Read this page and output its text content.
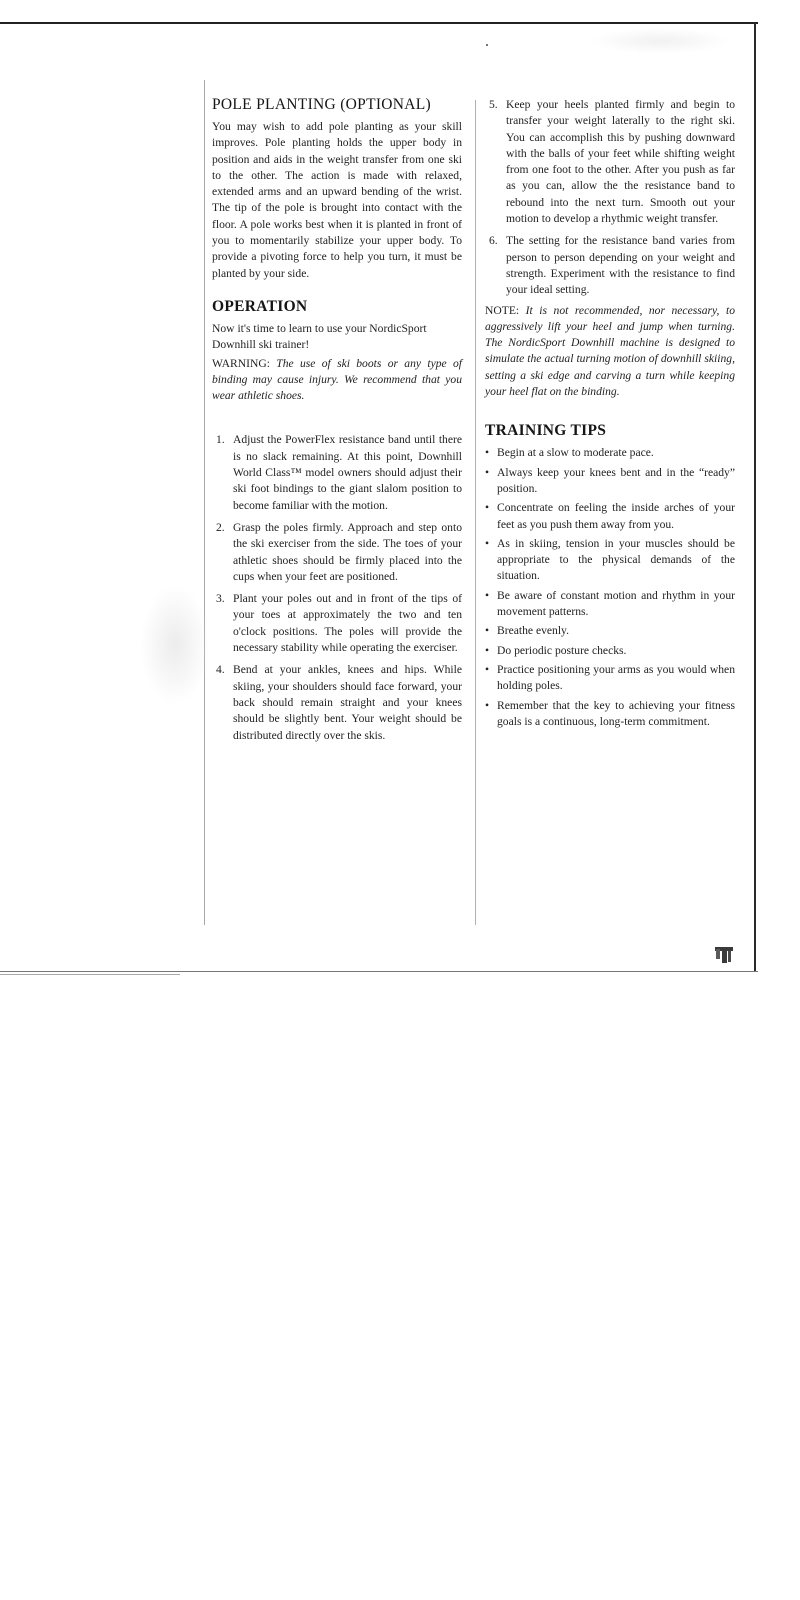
POLE PLANTING (OPTIONAL)

You may wish to add pole planting as your skill improves. Pole planting holds the upper body in position and aids in the weight transfer from one ski to the other. The action is made with relaxed, extended arms and an upward bending of the wrist. The tip of the pole is brought into contact with the floor. A pole works best when it is planted in front of you to momentarily stabilize your upper body. To provide a pivoting force to help you turn, it must be planted by your side.

OPERATION

Now it's time to learn to use your NordicSport Downhill ski trainer!

WARNING: The use of ski boots or any type of binding may cause injury. We recommend that you wear athletic shoes.

1. Adjust the PowerFlex resistance band until there is no slack remaining. At this point, Downhill World Class™ model owners should adjust their ski foot bindings to the giant slalom position to become familiar with the motion.
2. Grasp the poles firmly. Approach and step onto the ski exerciser from the side. The toes of your athletic shoes should be firmly placed into the cups when your feet are positioned.
3. Plant your poles out and in front of the tips of your toes at approximately the two and ten o'clock positions. The poles will provide the necessary stability while operating the exerciser.
4. Bend at your ankles, knees and hips. While skiing, your shoulders should face forward, your back should remain straight and your knees should be slightly bent. Your weight should be distributed directly over the skis.
5. Keep your heels planted firmly and begin to transfer your weight laterally to the right ski. You can accomplish this by pushing downward with the balls of your feet while shifting weight from one foot to the other. After you push as far as you can, allow the the resistance band to rebound into the next turn. Smooth out your motion to develop a rhythmic weight transfer.
6. The setting for the resistance band varies from person to person depending on your weight and strength. Experiment with the resistance to find your ideal setting.

NOTE: It is not recommended, nor necessary, to aggressively lift your heel and jump when turning. The NordicSport Downhill machine is designed to simulate the actual turning motion of downhill skiing, setting a ski edge and carving a turn while keeping your heel flat on the binding.

TRAINING TIPS
• Begin at a slow to moderate pace.
• Always keep your knees bent and in the “ready” position.
• Concentrate on feeling the inside arches of your feet as you push them away from you.
• As in skiing, tension in your muscles should be appropriate to the physical demands of the situation.
• Be aware of constant motion and rhythm in your movement patterns.
• Breathe evenly.
• Do periodic posture checks.
• Practice positioning your arms as you would when holding poles.
• Remember that the key to achieving your fitness goals is a continuous, long-term commitment.
